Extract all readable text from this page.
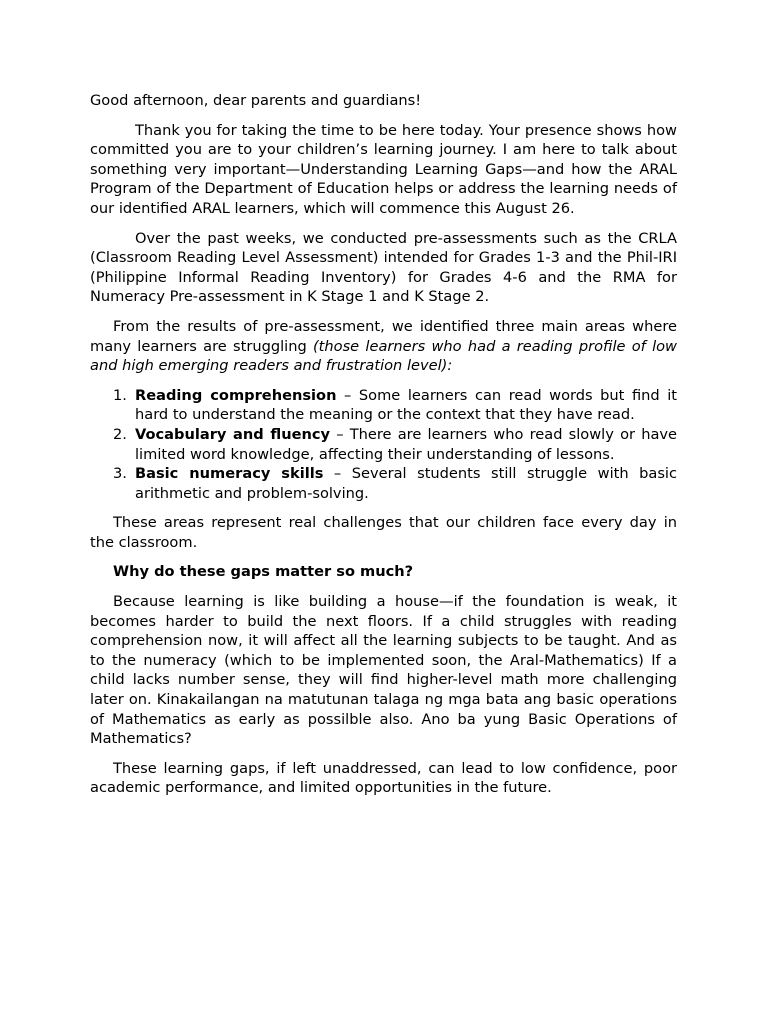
Good afternoon, dear parents and guardians!

Thank you for taking the time to be here today. Your presence shows how committed you are to your children’s learning journey. I am here to talk about something very important—Understanding Learning Gaps—and how the ARAL Program of the Department of Education helps or address the learning needs of our identified ARAL learners, which will commence this August 26.

Over the past weeks, we conducted pre-assessments such as the CRLA (Classroom Reading Level Assessment) intended for Grades 1-3 and the Phil-IRI (Philippine Informal Reading Inventory) for Grades 4-6 and the RMA for Numeracy Pre-assessment in K Stage 1 and K Stage 2.

From the results of pre-assessment, we identified three main areas where many learners are struggling (those learners who had a reading profile of low and high emerging readers and frustration level):

1. Reading comprehension – Some learners can read words but find it hard to understand the meaning or the context that they have read.
2. Vocabulary and fluency – There are learners who read slowly or have limited word knowledge, affecting their understanding of lessons.
3. Basic numeracy skills – Several students still struggle with basic arithmetic and problem-solving.

These areas represent real challenges that our children face every day in the classroom.

Why do these gaps matter so much?

Because learning is like building a house—if the foundation is weak, it becomes harder to build the next floors. If a child struggles with reading comprehension now, it will affect all the learning subjects to be taught. And as to the numeracy (which to be implemented soon, the Aral-Mathematics) If a child lacks number sense, they will find higher-level math more challenging later on. Kinakailangan na matutunan talaga ng mga bata ang basic operations of Mathematics as early as possilble also. Ano ba yung Basic Operations of Mathematics?

These learning gaps, if left unaddressed, can lead to low confidence, poor academic performance, and limited opportunities in the future.
